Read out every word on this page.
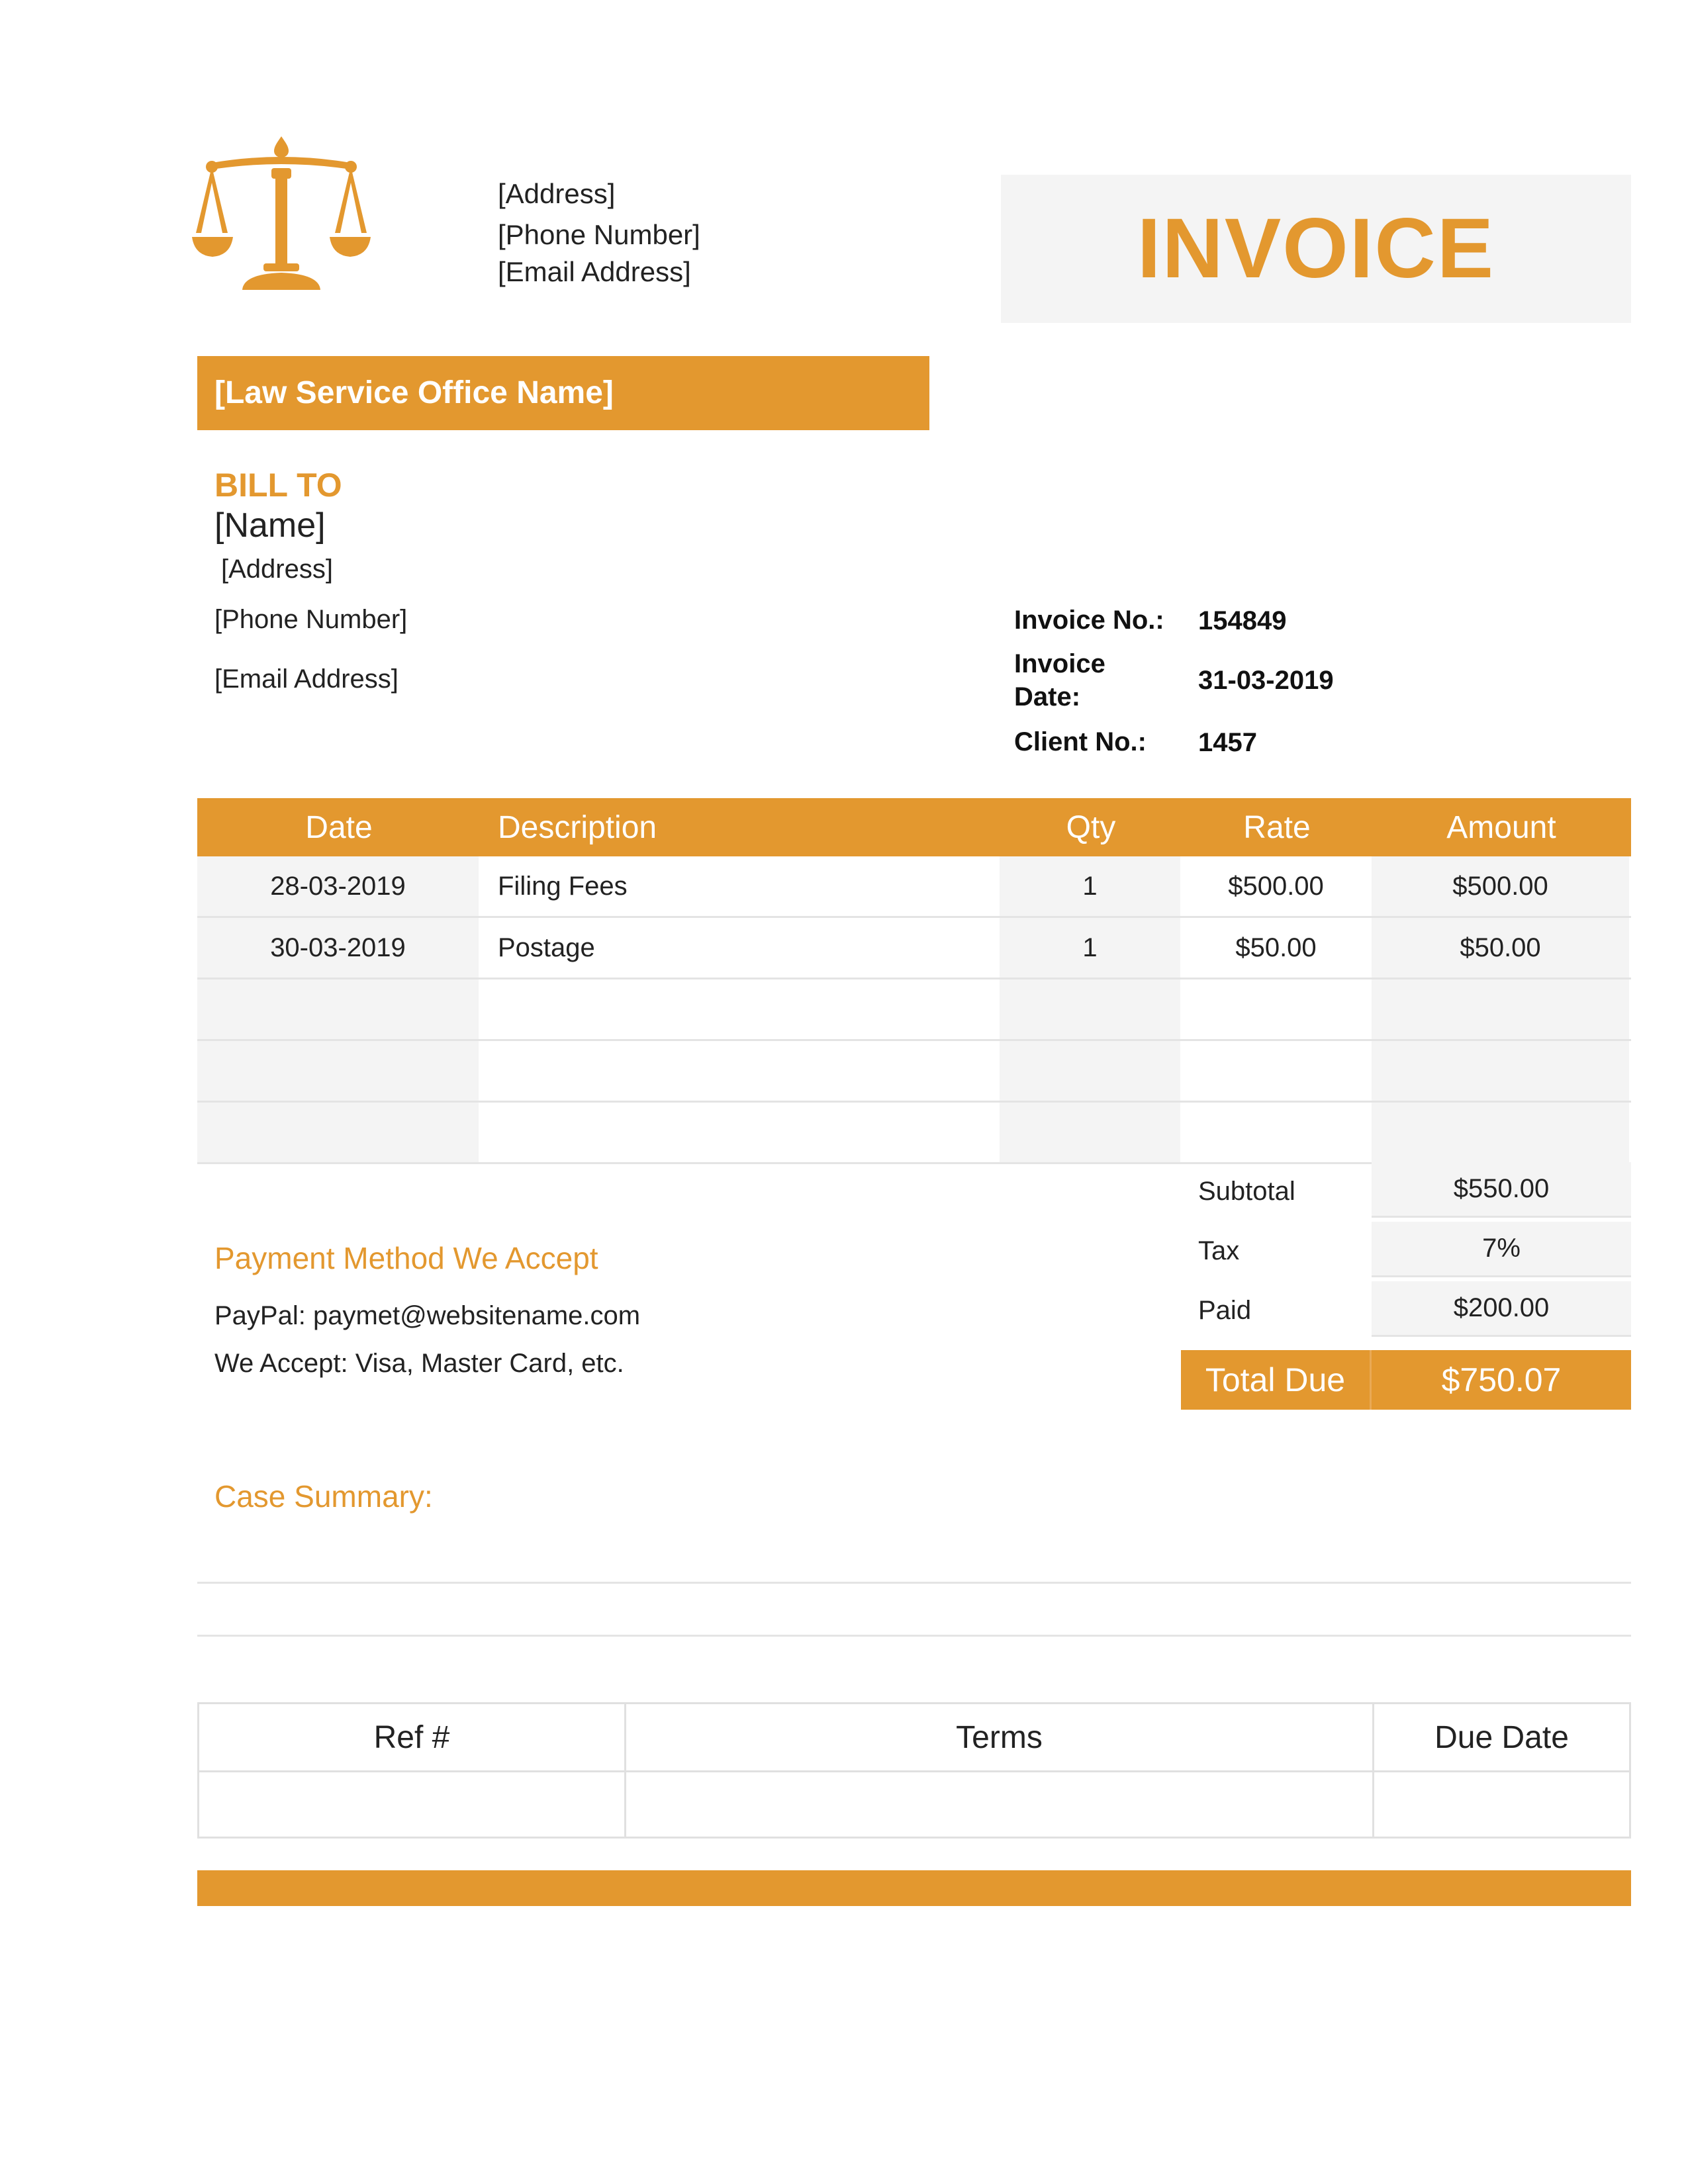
[Address]
[Phone Number]
[Email Address]	INVOICE
[Law Service Office Name]
BILL TO
[Name]
[Address]
[Phone Number]
[Email Address]
Invoice No.: 154849
Invoice
Date:
31-03-2019
Client No.: 1457
Date	Description	Qty	Rate	Amount
28-03-2019	Filing Fees	1	$500.00	$500.00
30-03-2019	Postage	1	$50.00	$50.00
Subtotal	$550.00
Tax	7%
Paid	$200.00
Total Due	$750.07
Payment Method We Accept
PayPal: paymet@websitename.com
We Accept: Visa, Master Card, etc.
Case Summary:
Ref #	Terms	Due Date
